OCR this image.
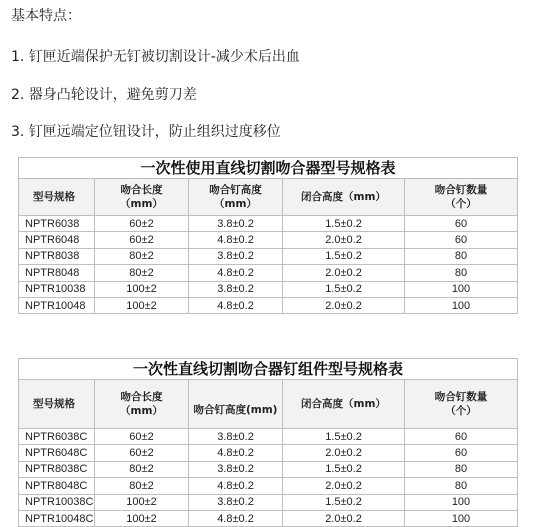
基本特点：

1. 钉匣近端保护无钉被切割设计-减少术后出血
2. 器身凸轮设计，避免剪刀差
3. 钉匣远端定位钮设计，防止组织过度移位
一次性使用直线切割吻合器型号规格表				
型号规格	吻合长度
（mm）	吻合钉高度
（mm）	闭合高度（mm）	吻合钉数量
（个）
NPTR6038	60±2	3.8±0.2	1.5±0.2	60
NPTR6048	60±2	4.8±0.2	2.0±0.2	60
NPTR8038	80±2	3.8±0.2	1.5±0.2	80
NPTR8048	80±2	4.8±0.2	2.0±0.2	80
NPTR10038	100±2	3.8±0.2	1.5±0.2	100
NPTR10048	100±2	4.8±0.2	2.0±0.2	100
一次性直线切割吻合器钉组件型号规格表				
型号规格	吻合长度
（mm）	吻合钉高度(mm)	闭合高度（mm）	吻合钉数量
（个）
NPTR6038C	60±2	3.8±0.2	1.5±0.2	60
NPTR6048C	60±2	4.8±0.2	2.0±0.2	60
NPTR8038C	80±2	3.8±0.2	1.5±0.2	80
NPTR8048C	80±2	4.8±0.2	2.0±0.2	80
NPTR10038C	100±2	3.8±0.2	1.5±0.2	100
NPTR10048C	100±2	4.8±0.2	2.0±0.2	100
